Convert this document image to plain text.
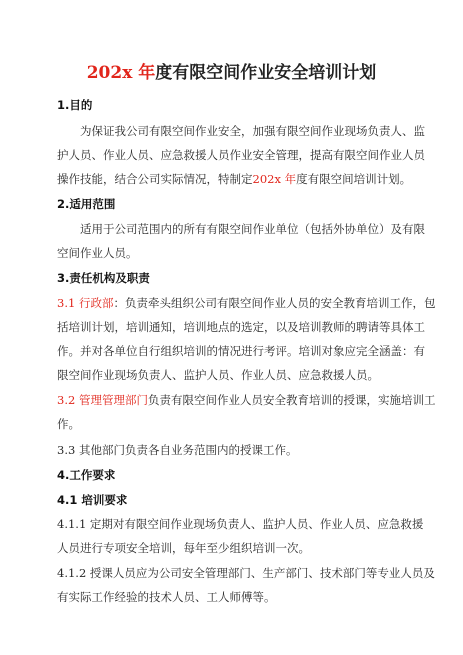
202x 年度有限空间作业安全培训计划
1.目的
为保证我公司有限空间作业安全，加强有限空间作业现场负责人、监
护人员、作业人员、应急救援人员作业安全管理，提高有限空间作业人员
操作技能，结合公司实际情况，特制定202x 年度有限空间培训计划。
2.适用范围
适用于公司范围内的所有有限空间作业单位（包括外协单位）及有限
空间作业人员。
3.责任机构及职责
3.1 行政部：负责牵头组织公司有限空间作业人员的安全教育培训工作，包
括培训计划，培训通知，培训地点的选定，以及培训教师的聘请等具体工
作。并对各单位自行组织培训的情况进行考评。培训对象应完全涵盖：有
限空间作业现场负责人、监护人员、作业人员、应急救援人员。
3.2 管理管理部门负责有限空间作业人员安全教育培训的授课，实施培训工
作。
3.3 其他部门负责各自业务范围内的授课工作。
4.工作要求
4.1 培训要求
4.1.1 定期对有限空间作业现场负责人、监护人员、作业人员、应急救援
人员进行专项安全培训，每年至少组织培训一次。
4.1.2 授课人员应为公司安全管理部门、生产部门、技术部门等专业人员及
有实际工作经验的技术人员、工人师傅等。
